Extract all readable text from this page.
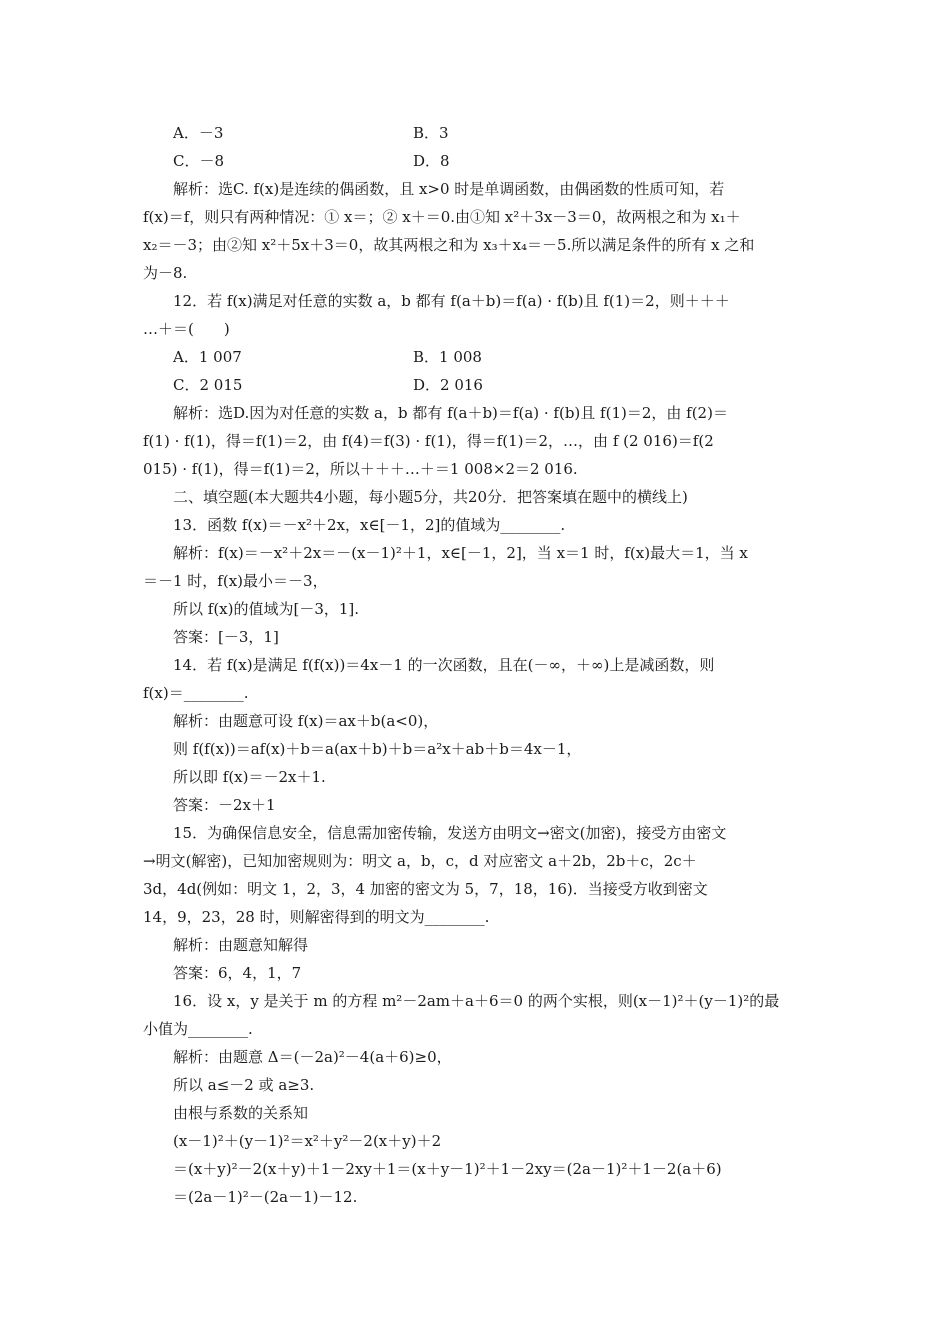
A．－3	B．3
C．－8	D．8
解析：选C. f(x)是连续的偶函数，且 x>0 时是单调函数，由偶函数的性质可知，若
f(x)＝f，则只有两种情况：① x＝；② x＋＝0.由①知 x²＋3x－3＝0，故两根之和为 x₁＋
x₂＝－3；由②知 x²＋5x＋3＝0，故其两根之和为 x₃＋x₄＝－5.所以满足条件的所有 x 之和
为－8.
12．若 f(x)满足对任意的实数 a，b 都有 f(a＋b)＝f(a) · f(b)且 f(1)＝2，则＋＋＋
…＋＝(　　)
A．1 007	B．1 008
C．2 015	D．2 016
解析：选D.因为对任意的实数 a，b 都有 f(a＋b)＝f(a) · f(b)且 f(1)＝2，由 f(2)＝
f(1) · f(1)，得＝f(1)＝2，由 f(4)＝f(3) · f(1)，得＝f(1)＝2，…，由 f (2 016)＝f(2
015) · f(1)，得＝f(1)＝2，所以＋＋＋…＋＝1 008×2＝2 016.
二、填空题(本大题共4小题，每小题5分，共20分．把答案填在题中的横线上)
13．函数 f(x)＝－x²＋2x，x∈[－1，2]的值域为________.
解析：f(x)＝－x²＋2x＝－(x－1)²＋1，x∈[－1，2]，当 x＝1 时，f(x)最大＝1，当 x
＝－1 时，f(x)最小＝－3，
所以 f(x)的值域为[－3，1].
答案：[－3，1]
14．若 f(x)是满足 f(f(x))＝4x－1 的一次函数，且在(－∞，＋∞)上是减函数，则
f(x)＝________.
解析：由题意可设 f(x)＝ax＋b(a<0)，
则 f(f(x))＝af(x)＋b＝a(ax＋b)＋b＝a²x＋ab＋b＝4x－1，
所以即 f(x)＝－2x＋1.
答案：－2x＋1
15．为确保信息安全，信息需加密传输，发送方由明文→密文(加密)，接受方由密文
→明文(解密)，已知加密规则为：明文 a，b，c，d 对应密文 a＋2b，2b＋c，2c＋
3d，4d(例如：明文 1，2，3，4 加密的密文为 5，7，18，16)．当接受方收到密文
14，9，23，28 时，则解密得到的明文为________.
解析：由题意知解得
答案：6，4，1，7
16．设 x，y 是关于 m 的方程 m²－2am＋a＋6＝0 的两个实根，则(x－1)²＋(y－1)²的最
小值为________.
解析：由题意 Δ＝(－2a)²－4(a＋6)≥0，
所以 a≤－2 或 a≥3.
由根与系数的关系知
(x－1)²＋(y－1)²＝x²＋y²－2(x＋y)＋2
＝(x＋y)²－2(x＋y)＋1－2xy＋1＝(x＋y－1)²＋1－2xy＝(2a－1)²＋1－2(a＋6)
＝(2a－1)²－(2a－1)－12.
